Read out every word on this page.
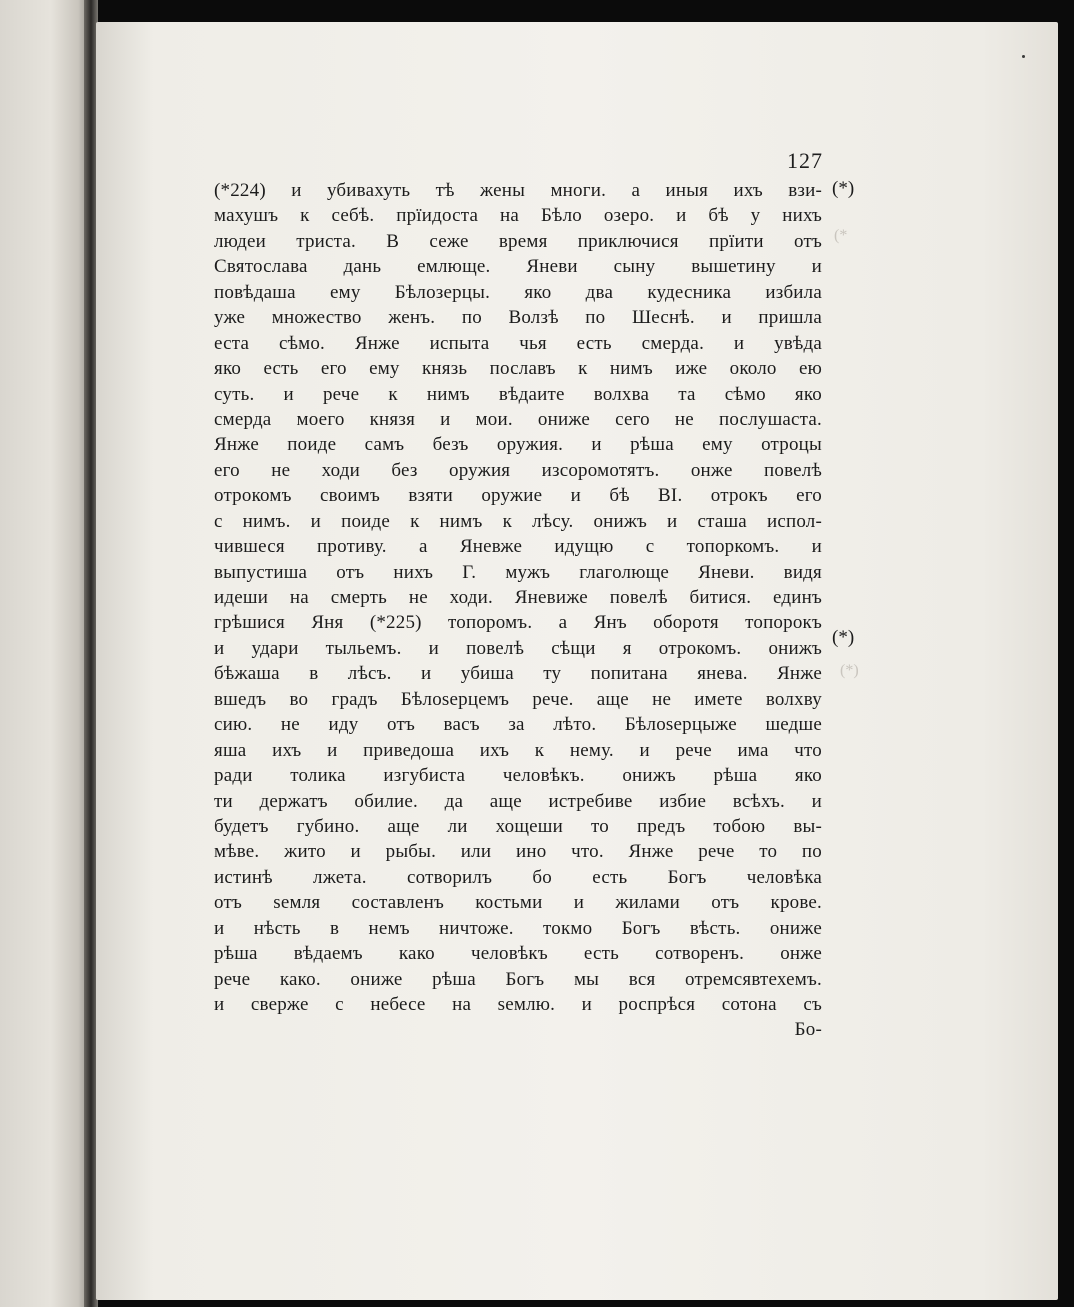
(*
(*)
127
(*224) и убивахуть тѣ жены многи. а иныя ихъ взи-
махушъ к себѣ. прїидоста на Бѣло озеро. и бѣ у нихъ
людеи триста. В сеже время приключися прїити отъ
Святослава дань емлюще. Яневи сыну вышетину и
повѣдаша ему Бѣлозерцы. яко два кудесника избила
уже множество женъ. по Волзѣ по Шеснѣ. и пришла
еста сѣмо. Янже испыта чья есть смерда. и увѣда
яко есть его ему князь пославъ к нимъ иже около ею
суть. и рече к нимъ вѣдаите волхва та сѣмо яко
смерда моего князя и мои. ониже сего не послушаста.
Янже поиде самъ безъ оружия. и рѣша ему отроцы
его не ходи без оружия изсоромотятъ. онже повелѣ
отрокомъ своимъ взяти оружие и бѣ ВІ. отрокъ его
с нимъ. и поиде к нимъ к лѣсу. онижъ и сташа испол-
чившеся противу. а Яневже идущю с топоркомъ. и
выпустиша отъ нихъ Г. мужъ глаголюще Яневи. видя
идеши на смерть не ходи. Яневиже повелѣ битися. единъ
грѣшися Яня (*225) топоромъ. а Янъ оборотя топорокъ
и удари тыльемъ. и повелѣ сѣщи я отрокомъ. онижъ
бѣжаша в лѣсъ. и убиша ту попитана янева. Янже
вшедъ во градъ Бѣлоѕерцемъ рече. аще не имете волхву
сию. не иду отъ васъ за лѣто. Бѣлоѕерцыже шедше
яша ихъ и приведоша ихъ к нему. и рече има что
ради толика изгубиста человѣкъ. онижъ рѣша яко
ти держатъ обилие. да аще истребиве избие всѣхъ. и
будетъ губино. аще ли хощеши то предъ тобою вы-
мѣве. жито и рыбы. или ино что. Янже рече то по
истинѣ лжета. сотворилъ бо есть Богъ человѣка
отъ ѕемля составленъ костьми и жилами отъ крове.
и нѣсть в немъ ничтоже. токмо Богъ вѣсть. ониже
рѣша вѣдаемъ како человѣкъ есть сотворенъ. онже
рече како. ониже рѣша Богъ мы вся отремсявтехемъ.
и сверже с небесе на ѕемлю. и роспрѣся сотона съ
Бо-
(*)
(*)
